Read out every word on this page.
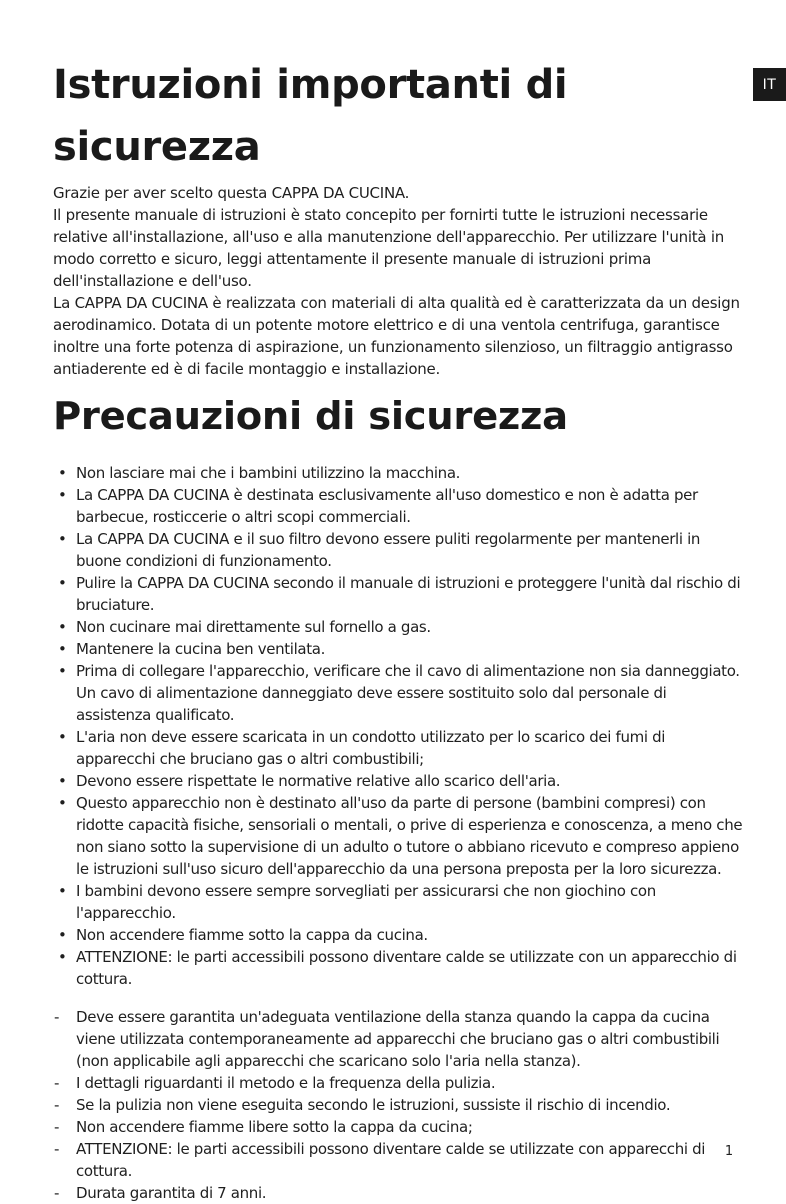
IT
Istruzioni importanti di sicurezza

Grazie per aver scelto questa CAPPA DA CUCINA.

Il presente manuale di istruzioni è stato concepito per fornirti tutte le istruzioni necessarie relative all'installazione, all'uso e alla manutenzione dell'apparecchio. Per utilizzare l'unità in modo corretto e sicuro, leggi attentamente il presente manuale di istruzioni prima dell'installazione e dell'uso.

La CAPPA DA CUCINA è realizzata con materiali di alta qualità ed è caratterizzata da un design aerodinamico. Dotata di un potente motore elettrico e di una ventola centrifuga, garantisce inoltre una forte potenza di aspirazione, un funzionamento silenzioso, un filtraggio antigrasso antiaderente ed è di facile montaggio e installazione.

Precauzioni di sicurezza
• Non lasciare mai che i bambini utilizzino la macchina.
• La CAPPA DA CUCINA è destinata esclusivamente all'uso domestico e non è adatta per barbecue, rosticcerie o altri scopi commerciali.
• La CAPPA DA CUCINA e il suo filtro devono essere puliti regolarmente per mantenerli in buone condizioni di funzionamento.
• Pulire la CAPPA DA CUCINA secondo il manuale di istruzioni e proteggere l'unità dal rischio di bruciature.
• Non cucinare mai direttamente sul fornello a gas.
• Mantenere la cucina ben ventilata.
• Prima di collegare l'apparecchio, verificare che il cavo di alimentazione non sia danneggiato. Un cavo di alimentazione danneggiato deve essere sostituito solo dal personale di assistenza qualificato.
• L'aria non deve essere scaricata in un condotto utilizzato per lo scarico dei fumi di apparecchi che bruciano gas o altri combustibili;
• Devono essere rispettate le normative relative allo scarico dell'aria.
• Questo apparecchio non è destinato all'uso da parte di persone (bambini compresi) con ridotte capacità fisiche, sensoriali o mentali, o prive di esperienza e conoscenza, a meno che non siano sotto la supervisione di un adulto o tutore o abbiano ricevuto e compreso appieno le istruzioni sull'uso sicuro dell'apparecchio da una persona preposta per la loro sicurezza.
• I bambini devono essere sempre sorvegliati per assicurarsi che non giochino con l'apparecchio.
• Non accendere fiamme sotto la cappa da cucina.
• ATTENZIONE: le parti accessibili possono diventare calde se utilizzate con un apparecchio di cottura.
- Deve essere garantita un'adeguata ventilazione della stanza quando la cappa da cucina viene utilizzata contemporaneamente ad apparecchi che bruciano gas o altri combustibili (non applicabile agli apparecchi che scaricano solo l'aria nella stanza).
- I dettagli riguardanti il metodo e la frequenza della pulizia.
- Se la pulizia non viene eseguita secondo le istruzioni, sussiste il rischio di incendio.
- Non accendere fiamme libere sotto la cappa da cucina;
- ATTENZIONE: le parti accessibili possono diventare calde se utilizzate con apparecchi di cottura.
- Durata garantita di 7 anni.
1
